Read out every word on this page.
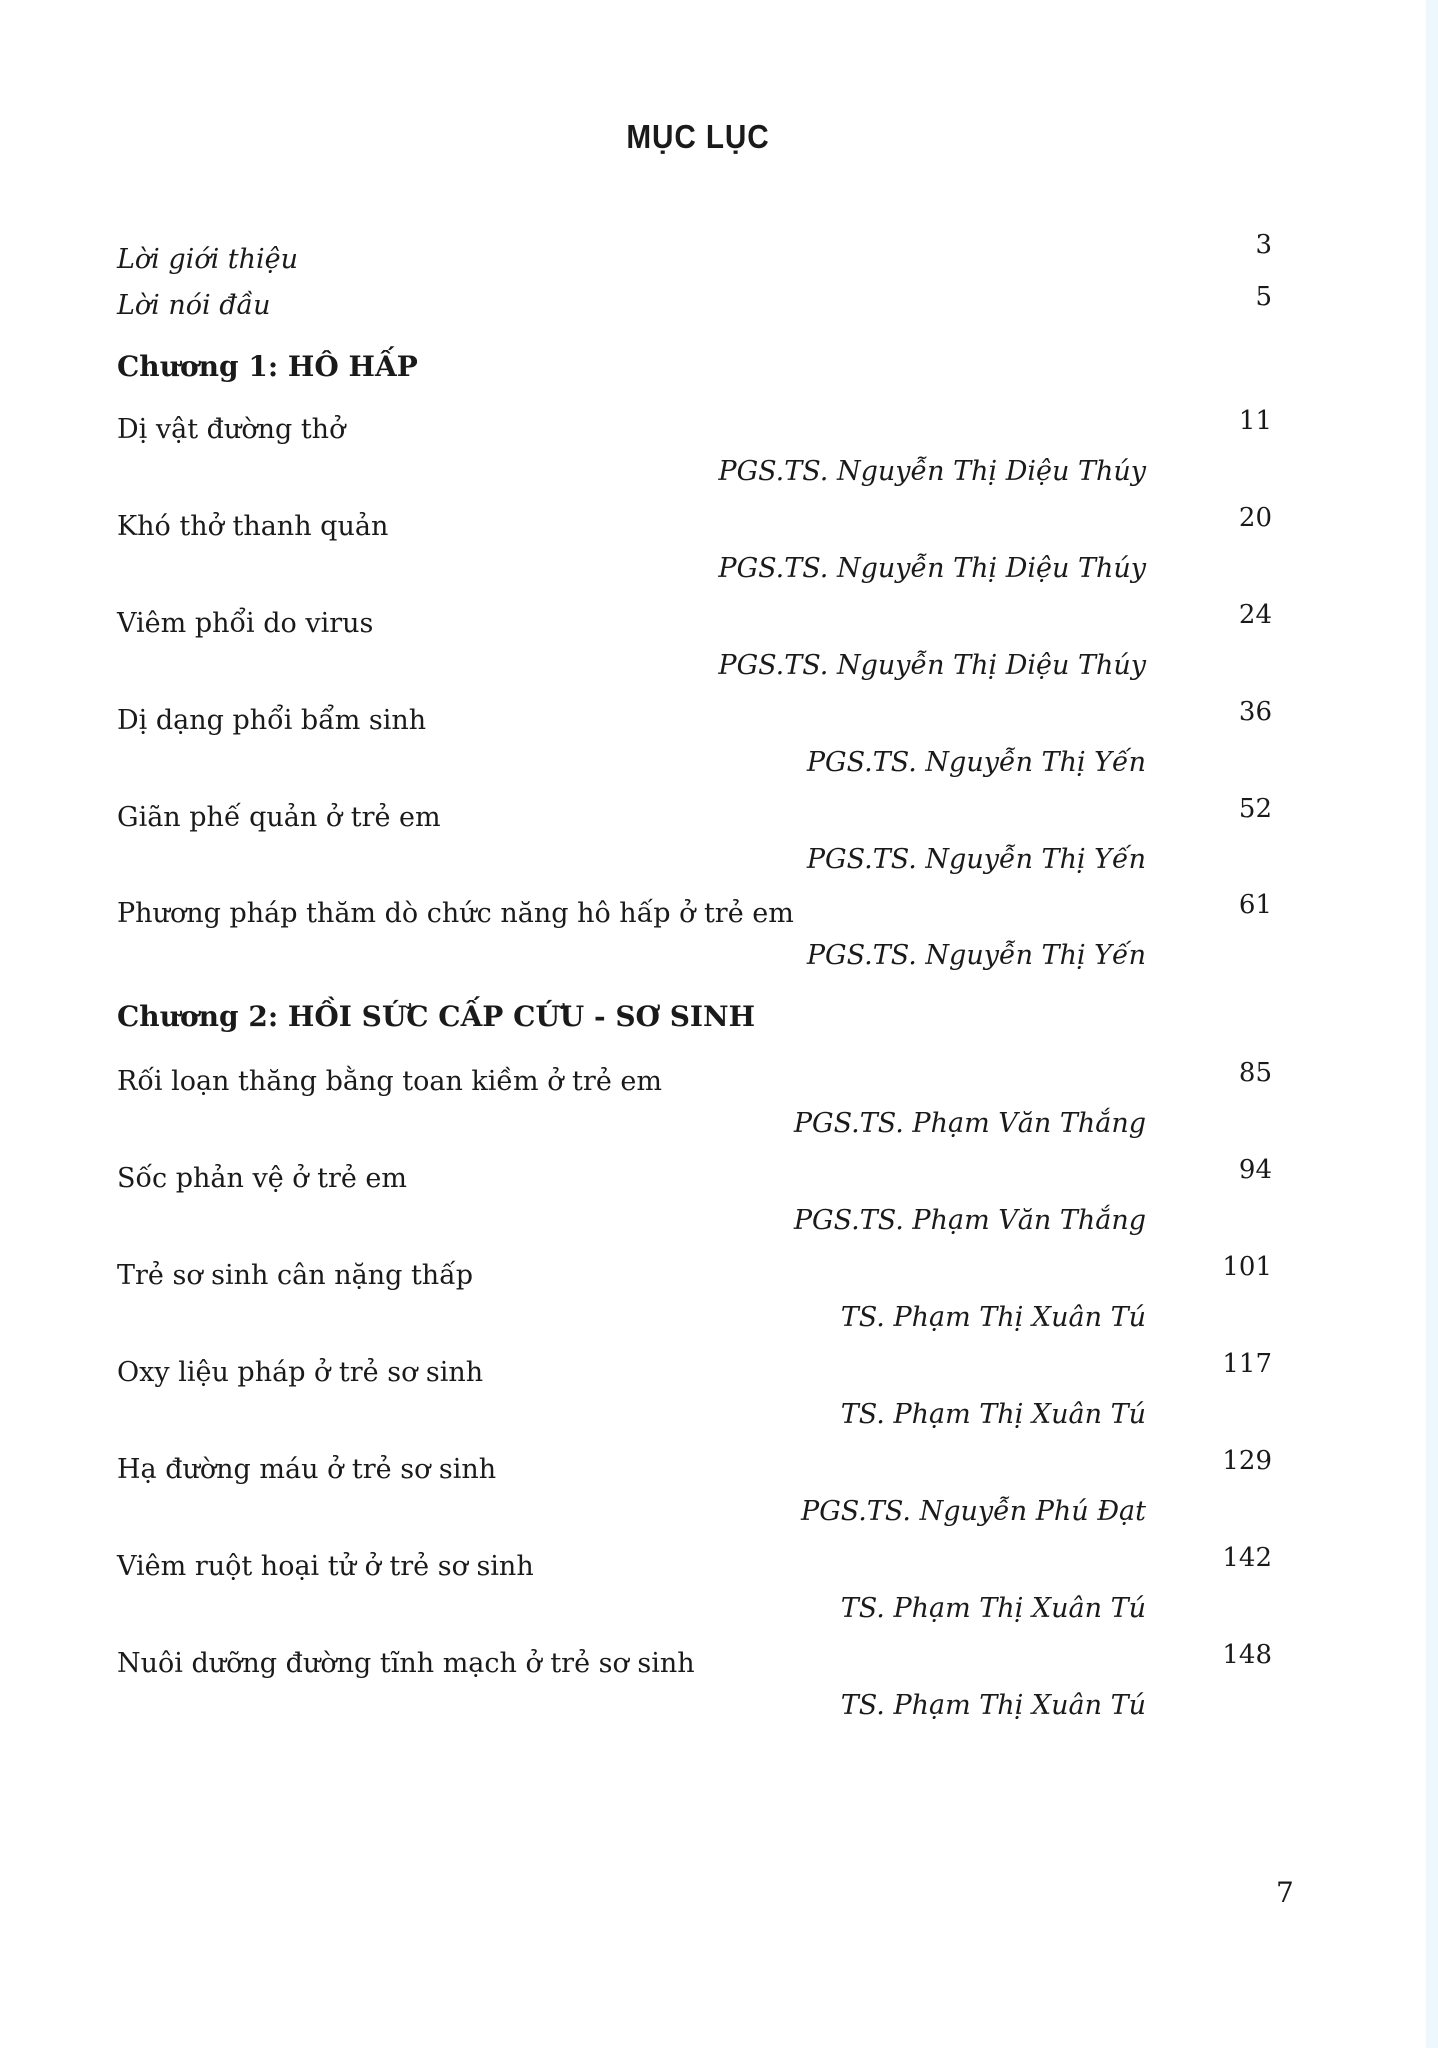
MỤC LỤC
Lời giới thiệu	3
Lời nói đầu	5
Chương 1: HÔ HẤP
Dị vật đường thở	11
PGS.TS. Nguyễn Thị Diệu Thúy
Khó thở thanh quản	20
PGS.TS. Nguyễn Thị Diệu Thúy
Viêm phổi do virus	24
PGS.TS. Nguyễn Thị Diệu Thúy
Dị dạng phổi bẩm sinh	36
PGS.TS. Nguyễn Thị Yến
Giãn phế quản ở trẻ em	52
PGS.TS. Nguyễn Thị Yến
Phương pháp thăm dò chức năng hô hấp ở trẻ em	61
PGS.TS. Nguyễn Thị Yến
Chương 2: HỒI SỨC CẤP CỨU - SƠ SINH
Rối loạn thăng bằng toan kiềm ở trẻ em	85
PGS.TS. Phạm Văn Thắng
Sốc phản vệ ở trẻ em	94
PGS.TS. Phạm Văn Thắng
Trẻ sơ sinh cân nặng thấp	101
TS. Phạm Thị Xuân Tú
Oxy liệu pháp ở trẻ sơ sinh	117
TS. Phạm Thị Xuân Tú
Hạ đường máu ở trẻ sơ sinh	129
PGS.TS. Nguyễn Phú Đạt
Viêm ruột hoại tử ở trẻ sơ sinh	142
TS. Phạm Thị Xuân Tú
Nuôi dưỡng đường tĩnh mạch ở trẻ sơ sinh	148
TS. Phạm Thị Xuân Tú
7
